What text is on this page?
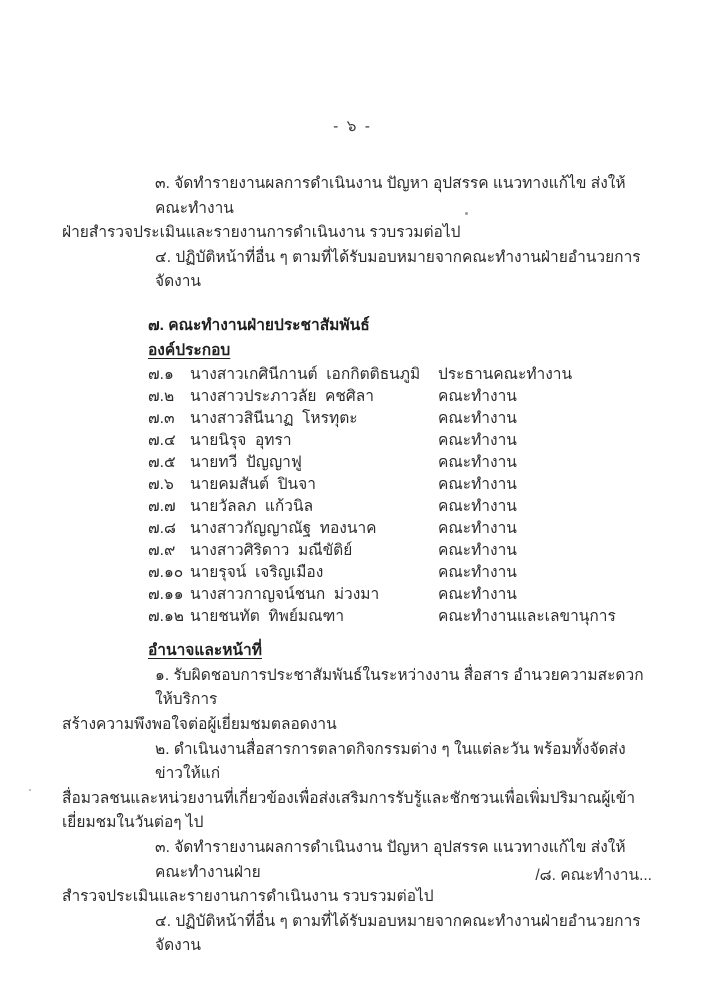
- ๖ -
๓. จัดทำรายงานผลการดำเนินงาน ปัญหา อุปสรรค แนวทางแก้ไข ส่งให้คณะทำงาน
ฝ่ายสำรวจประเมินและรายงานการดำเนินงาน รวบรวมต่อไป
๔. ปฏิบัติหน้าที่อื่น ๆ ตามที่ได้รับมอบหมายจากคณะทำงานฝ่ายอำนวยการจัดงาน
๗. คณะทำงานฝ่ายประชาสัมพันธ์
องค์ประกอบ
๗.๑	นางสาวเกศินีกานต์  เอกกิตติธนภูมิ	ประธานคณะทำงาน
๗.๒	นางสาวประภาวลัย  คชศิลา	คณะทำงาน
๗.๓ นางสาวสินีนาฏ  โหรทุตะ	คณะทำงาน
๗.๔ นายนิรุจ  อุทรา	คณะทำงาน
๗.๕ นายทวี  ปัญญาฟู	คณะทำงาน
๗.๖	นายคมสันต์  ปินจา	คณะทำงาน
๗.๗ นายวัลลภ  แก้วนิล	คณะทำงาน
๗.๘ นางสาวกัญญาณัฐ  ทองนาค	คณะทำงาน
๗.๙ นางสาวศิริดาว  มณีขัติย์	คณะทำงาน
๗.๑๐ นายรุจน์  เจริญเมือง	คณะทำงาน
๗.๑๑ นางสาวกาญจน์ชนก  ม่วงมา	คณะทำงาน
๗.๑๒ นายชนทัต  ทิพย์มณฑา	คณะทำงานและเลขานุการ
อำนาจและหน้าที่
๑. รับผิดชอบการประชาสัมพันธ์ในระหว่างงาน สื่อสาร อำนวยความสะดวก ให้บริการ
สร้างความพึงพอใจต่อผู้เยี่ยมชมตลอดงาน
๒. ดำเนินงานสื่อสารการตลาดกิจกรรมต่าง ๆ ในแต่ละวัน พร้อมทั้งจัดส่งข่าวให้แก่
สื่อมวลชนและหน่วยงานที่เกี่ยวข้องเพื่อส่งเสริมการรับรู้และชักชวนเพื่อเพิ่มปริมาณผู้เข้าเยี่ยมชมในวันต่อๆ ไป
๓. จัดทำรายงานผลการดำเนินงาน ปัญหา อุปสรรค แนวทางแก้ไข ส่งให้คณะทำงานฝ่าย
สำรวจประเมินและรายงานการดำเนินงาน รวบรวมต่อไป
๔. ปฏิบัติหน้าที่อื่น ๆ ตามที่ได้รับมอบหมายจากคณะทำงานฝ่ายอำนวยการจัดงาน
/๘. คณะทำงาน...
